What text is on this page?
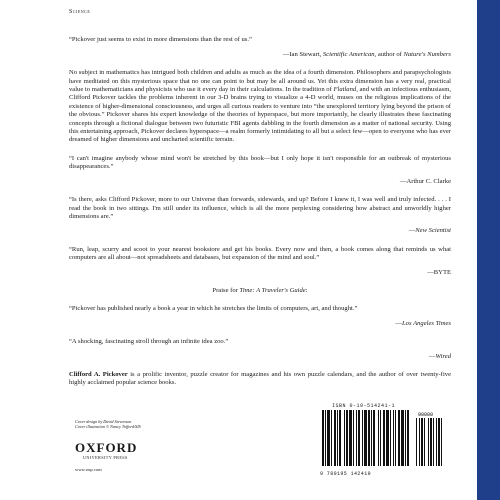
Science

“Pickover just seems to exist in more dimensions than the rest of us.”

—Ian Stewart, Scientific American, author of Nature's Numbers

No subject in mathematics has intrigued both children and adults as much as the idea of a fourth dimension. Philosophers and parapsychologists have meditated on this mysterious space that no one can point to but may be all around us. Yet this extra dimension has a very real, practical value to mathematicians and physicists who use it every day in their calculations. In the tradition of Flatland, and with an infectious enthusiasm, Clifford Pickover tackles the problems inherent in our 3-D brains trying to visualize a 4-D world, muses on the religious implications of the existence of higher-dimensional consciousness, and urges all curious readers to venture into “the unexplored territory lying beyond the prison of the obvious.” Pickover shares his expert knowledge of the theories of hyperspace, but more importantly, he clearly illustrates these fascinating concepts through a fictional dialogue between two futuristic FBI agents dabbling in the fourth dimension as a matter of national security. Using this entertaining approach, Pickover declares hyperspace—a realm formerly intimidating to all but a select few—open to everyone who has ever dreamed of higher dimensions and uncharted scientific terrain.

“I can't imagine anybody whose mind won't be stretched by this book—but I only hope it isn't responsible for an outbreak of mysterious disappearances.”

—Arthur C. Clarke

“Is there, asks Clifford Pickover, more to our Universe than forwards, sidewards, and up? Before I knew it, I was well and truly infected. . . . I read the book in two sittings. I'm still under its influence, which is all the more perplexing considering how abstract and unworldly higher dimensions are.”

—New Scientist

“Run, leap, scurry and scoot to your nearest bookstore and get his books. Every now and then, a book comes along that reminds us what computers are all about—not spreadsheets and databases, but expansion of the mind and soul.”

—BYTE

Praise for Time: A Traveler's Guide:

“Pickover has published nearly a book a year in which he stretches the limits of computers, art, and thought.”

—Los Angeles Times

“A shocking, fascinating stroll through an infinite idea zoo.”

—Wired

Clifford A. Pickover is a prolific inventor, puzzle creator for magazines and his own puzzle calendars, and the author of over twenty-five highly acclaimed popular science books.

Cover design by David Stevenson
Cover illustration © Nancy Tofford/SIS
OXFORD
UNIVERSITY PRESS
www.oup.com
ISBN 0-19-514241-1
90000
9 780195 142419
